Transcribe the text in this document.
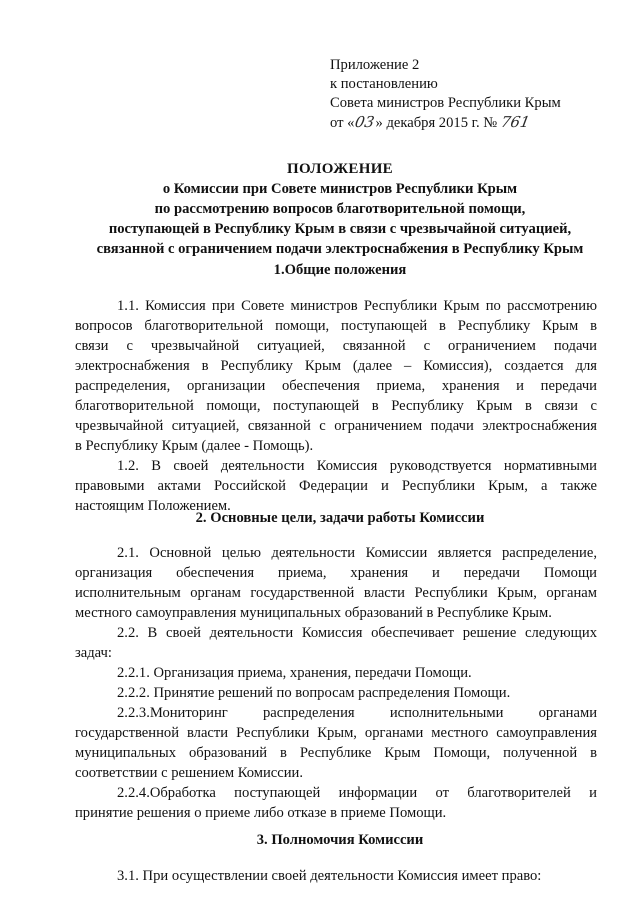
Приложение 2
к постановлению
Совета министров Республики Крым
от «03» декабря 2015 г. № 761
ПОЛОЖЕНИЕ
о Комиссии при Совете министров Республики Крым
по рассмотрению вопросов благотворительной помощи,
поступающей в Республику Крым в связи с чрезвычайной ситуацией,
связанной с ограничением подачи электроснабжения в Республику Крым
1.Общие положения
1.1. Комиссия при Совете министров Республики Крым по рассмотрению
вопросов благотворительной помощи, поступающей в Республику Крым в
связи с чрезвычайной ситуацией, связанной с ограничением подачи
электроснабжения в Республику Крым (далее – Комиссия), создается для
распределения, организации обеспечения приема, хранения и передачи
благотворительной помощи, поступающей в Республику Крым в связи с
чрезвычайной ситуацией, связанной с ограничением подачи электроснабжения
в Республику Крым (далее - Помощь).
1.2. В своей деятельности Комиссия руководствуется нормативными
правовыми актами Российской Федерации и Республики Крым, а также
настоящим Положением.
2. Основные цели, задачи работы Комиссии
2.1. Основной целью деятельности Комиссии является распределение,
организация обеспечения приема, хранения и передачи Помощи
исполнительным органам государственной власти Республики Крым, органам
местного самоуправления муниципальных образований в Республике Крым.
2.2. В своей деятельности Комиссия обеспечивает решение следующих
задач:
2.2.1. Организация приема, хранения, передачи Помощи.
2.2.2. Принятие решений по вопросам распределения Помощи.
2.2.3.Мониторинг распределения исполнительными органами
государственной власти Республики Крым, органами местного самоуправления
муниципальных образований в Республике Крым Помощи, полученной в
соответствии с решением Комиссии.
2.2.4.Обработка поступающей информации от благотворителей и
принятие решения о приеме либо отказе в приеме Помощи.
3. Полномочия Комиссии
3.1. При осуществлении своей деятельности Комиссия имеет право:
